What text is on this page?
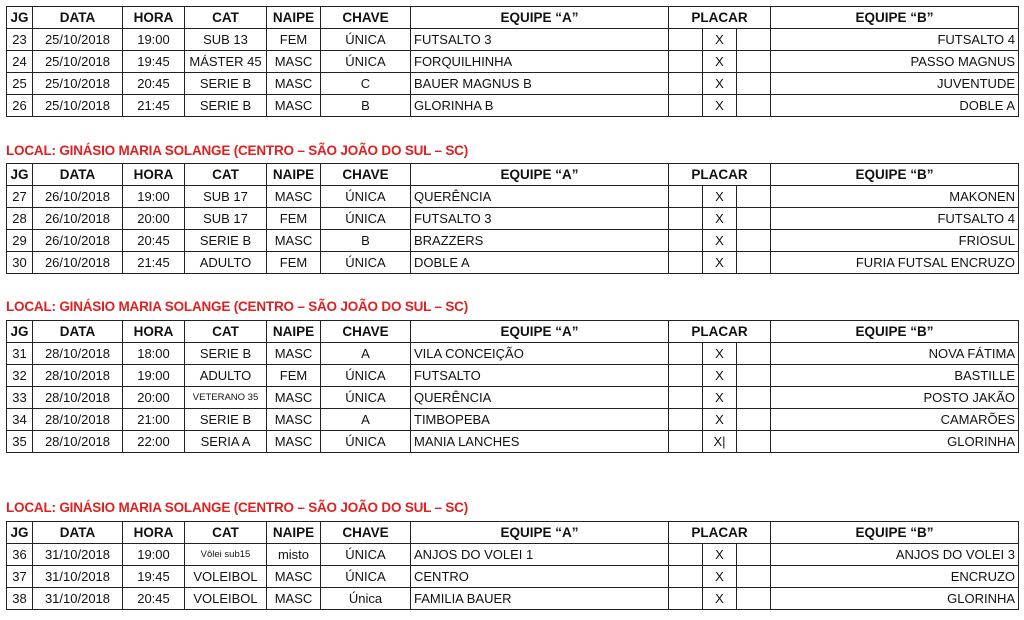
JG	DATA	HORA	CAT	NAIPE	CHAVE	EQUIPE “A”	PLACAR			EQUIPE “B”
23	25/10/2018	19:00	SUB 13	FEM	ÚNICA	FUTSALTO 3		X		FUTSALTO 4
24	25/10/2018	19:45	MÁSTER 45	MASC	ÚNICA	FORQUILHINHA		X		PASSO MAGNUS
25	25/10/2018	20:45	SERIE B	MASC	C	BAUER MAGNUS B		X		JUVENTUDE
26	25/10/2018	21:45	SERIE B	MASC	B	GLORINHA B		X		DOBLE A
LOCAL: GINÁSIO MARIA SOLANGE (CENTRO – SÃO JOÃO DO SUL – SC)
JG	DATA	HORA	CAT	NAIPE	CHAVE	EQUIPE “A”	PLACAR			EQUIPE “B”
27	26/10/2018	19:00	SUB 17	MASC	ÚNICA	QUERÊNCIA		X		MAKONEN
28	26/10/2018	20:00	SUB 17	FEM	ÚNICA	FUTSALTO 3		X		FUTSALTO 4
29	26/10/2018	20:45	SERIE B	MASC	B	BRAZZERS		X		FRIOSUL
30	26/10/2018	21:45	ADULTO	FEM	ÚNICA	DOBLE A		X		FURIA FUTSAL ENCRUZO
LOCAL: GINÁSIO MARIA SOLANGE (CENTRO – SÃO JOÃO DO SUL – SC)
JG	DATA	HORA	CAT	NAIPE	CHAVE	EQUIPE “A”	PLACAR			EQUIPE “B”
31	28/10/2018	18:00	SERIE B	MASC	A	VILA CONCEIÇÃO		X		NOVA FÁTIMA
32	28/10/2018	19:00	ADULTO	FEM	ÚNICA	FUTSALTO		X		BASTILLE
33	28/10/2018	20:00	VETERANO 35	MASC	ÚNICA	QUERÊNCIA		X		POSTO JAKÃO
34	28/10/2018	21:00	SERIE B	MASC	A	TIMBOPEBA		X		CAMARÕES
35	28/10/2018	22:00	SERIA A	MASC	ÚNICA	MANIA LANCHES		X|		GLORINHA
LOCAL: GINÁSIO MARIA SOLANGE (CENTRO – SÃO JOÃO DO SUL – SC)
JG	DATA	HORA	CAT	NAIPE	CHAVE	EQUIPE “A”	PLACAR			EQUIPE “B”
36	31/10/2018	19:00	Vôlei sub15	misto	ÚNICA	ANJOS DO VOLEI 1		X		ANJOS DO VOLEI 3
37	31/10/2018	19:45	VOLEIBOL	MASC	ÚNICA	CENTRO		X		ENCRUZO
38	31/10/2018	20:45	VOLEIBOL	MASC	Única	FAMILIA BAUER		X		GLORINHA
